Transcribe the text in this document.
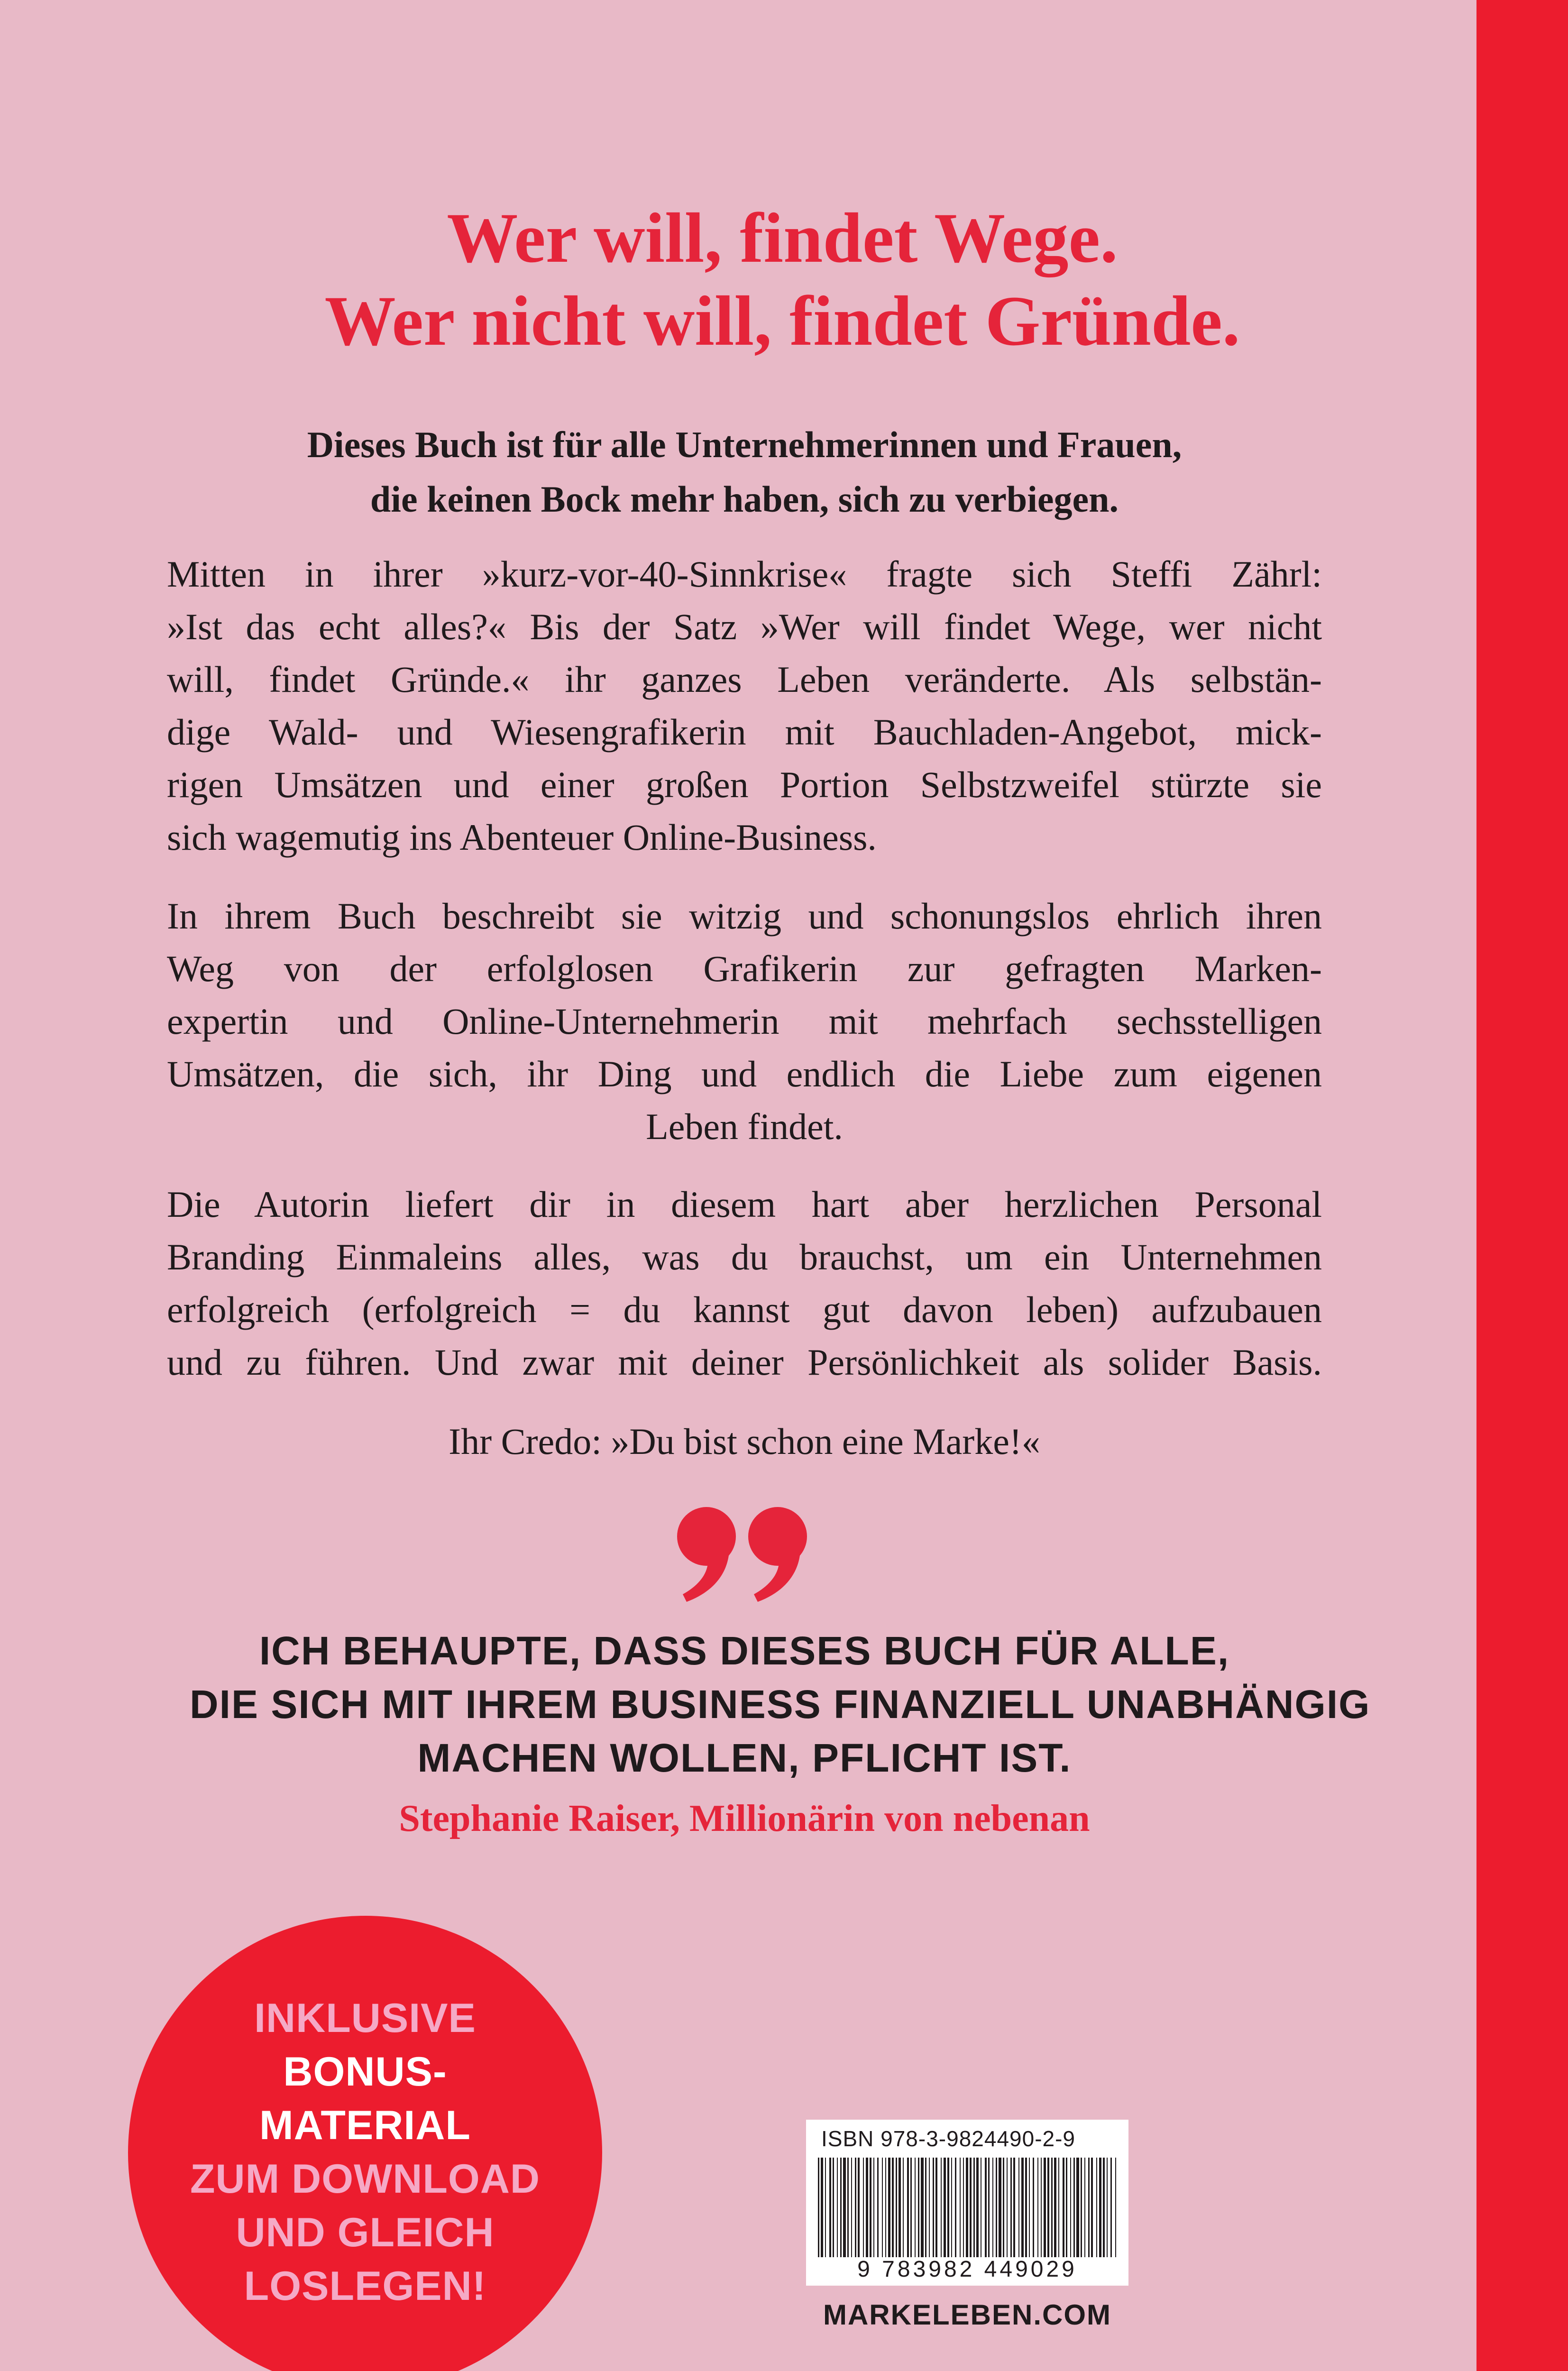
Wer will, findet Wege.
Wer nicht will, findet Gründe.
Dieses Buch ist für alle Unternehmerinnen und Frauen,
die keinen Bock mehr haben, sich zu verbiegen.
Mitten in ihrer »kurz-vor-40-Sinnkrise« fragte sich Steffi Zährl:
»Ist das echt alles?« Bis der Satz »Wer will findet Wege, wer nicht
will, findet Gründe.« ihr ganzes Leben veränderte. Als selbstän-
dige Wald- und Wiesengrafikerin mit Bauchladen-Angebot, mick-
rigen Umsätzen und einer großen Portion Selbstzweifel stürzte sie
sich wagemutig ins Abenteuer Online-Business.
In ihrem Buch beschreibt sie witzig und schonungslos ehrlich ihren
Weg von der erfolglosen Grafikerin zur gefragten Marken-
expertin und Online-Unternehmerin mit mehrfach sechsstelligen
Umsätzen, die sich, ihr Ding und endlich die Liebe zum eigenen
Leben findet.
Die Autorin liefert dir in diesem hart aber herzlichen Personal
Branding Einmaleins alles, was du brauchst, um ein Unternehmen
erfolgreich (erfolgreich = du kannst gut davon leben) aufzubauen
und zu führen. Und zwar mit deiner Persönlichkeit als solider Basis.
Ihr Credo: »Du bist schon eine Marke!«
ICH BEHAUPTE, DASS DIESES BUCH FÜR ALLE,
DIE SICH MIT IHREM BUSINESS FINANZIELL UNABHÄNGIG
MACHEN WOLLEN, PFLICHT IST.
Stephanie Raiser, Millionärin von nebenan
INKLUSIVE
BONUS-
MATERIAL
ZUM DOWNLOAD
UND GLEICH
LOSLEGEN!
ISBN 978-3-9824490-2-9
9 783982 449029
MARKELEBEN.COM
